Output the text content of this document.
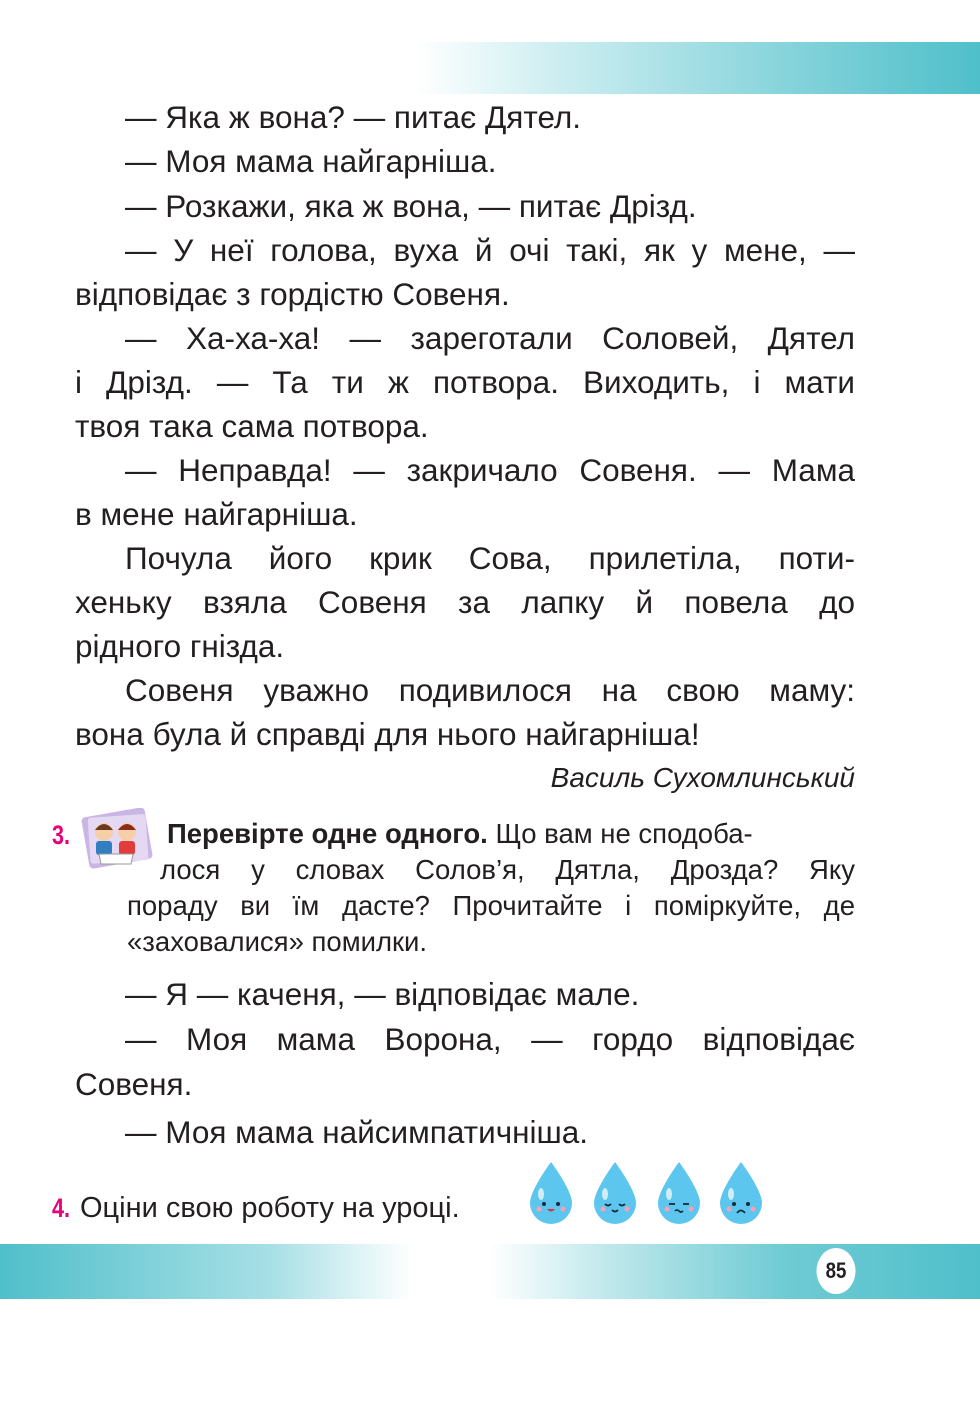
— Яка ж вона? — питає Дятел.

— Моя мама найгарніша.

— Розкажи, яка ж вона, — питає Дрізд.

— У неї голова, вуха й очі такі, як у мене, —

відповідає з гордістю Совеня.

— Ха-ха-ха! — зареготали Соловей, Дятел

і Дрізд. — Та ти ж потвора. Виходить, і мати

твоя така сама потвора.

— Неправда! — закричало Совеня. — Мама

в мене найгарніша.

Почула його крик Сова, прилетіла, поти-

хеньку взяла Совеня за лапку й повела до

рідного гнізда.

Совеня уважно подивилося на свою маму:

вона була й справді для нього найгарніша!

Василь Сухомлинський
3.	Перевірте одне одного. Що вам не сподоба-
лося у словах Солов’я, Дятла, Дрозда? Яку
пораду ви їм дасте? Прочитайте і поміркуйте, де
«заховалися» помилки.

— Я — каченя, — відповідає мале.

— Моя мама Ворона, — гордо відповідає

Совеня.

— Моя мама найсимпатичніша.

4. Оціни свою роботу на уроці.
85
